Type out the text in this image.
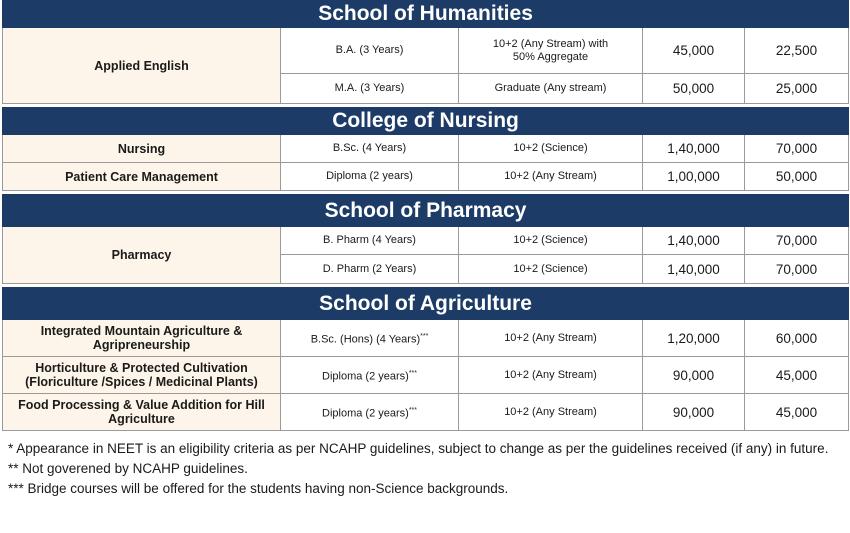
School of Humanities				
Applied English	B.A. (3 Years)	10+2 (Any Stream) with 50% Aggregate	45,000	22,500
	M.A. (3 Years)	Graduate (Any stream)	50,000	25,000

College of Nursing				
Nursing	B.Sc. (4 Years)	10+2 (Science)	1,40,000	70,000
Patient Care Management	Diploma (2 years)	10+2 (Any Stream)	1,00,000	50,000

School of Pharmacy				
Pharmacy	B. Pharm (4 Years)	10+2 (Science)	1,40,000	70,000
	D. Pharm (2 Years)	10+2 (Science)	1,40,000	70,000

School of Agriculture				
Integrated Mountain Agriculture & Agripreneurship	B.Sc. (Hons) (4 Years)***	10+2 (Any Stream)	1,20,000	60,000
Horticulture & Protected Cultivation (Floriculture /Spices / Medicinal Plants)	Diploma (2 years)***	10+2 (Any Stream)	90,000	45,000
Food Processing & Value Addition for Hill Agriculture	Diploma (2 years)***	10+2 (Any Stream)	90,000	45,000
* Appearance in NEET is an eligibility criteria as per NCAHP guidelines, subject to change as per the guidelines received (if any) in future.
** Not goverened by NCAHP guidelines.
*** Bridge courses will be offered for the students having non-Science backgrounds.
